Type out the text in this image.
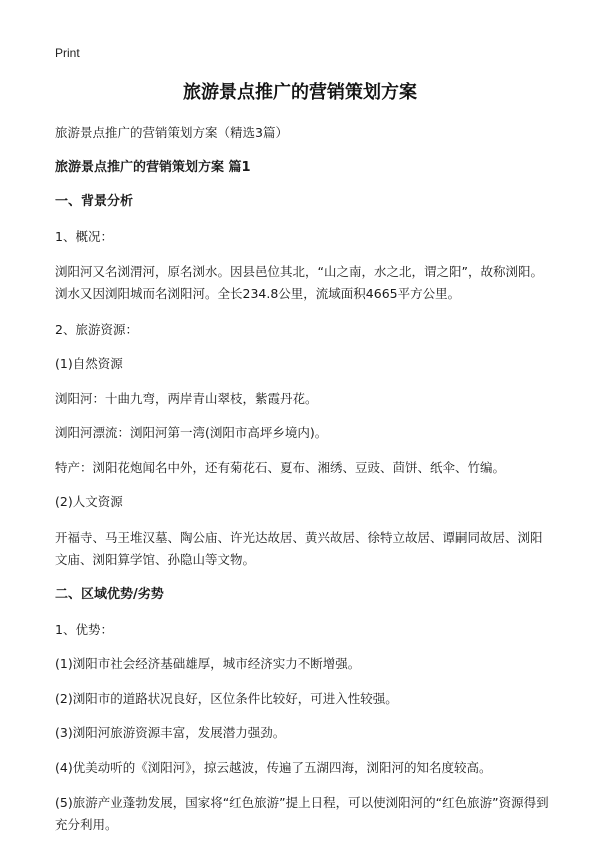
Print
旅游景点推广的营销策划方案
旅游景点推广的营销策划方案（精选3篇）
旅游景点推广的营销策划方案 篇1
一、背景分析
1、概况：
浏阳河又名浏渭河，原名浏水。因县邑位其北，“山之南，水之北，谓之阳”，故称浏阳。浏水又因浏阳城而名浏阳河。全长234.8公里，流域面积4665平方公里。
2、旅游资源：
(1)自然资源
浏阳河：十曲九弯，两岸青山翠枝，紫霞丹花。
浏阳河漂流：浏阳河第一湾(浏阳市高坪乡境内)。
特产：浏阳花炮闻名中外，还有菊花石、夏布、湘绣、豆豉、茴饼、纸伞、竹编。
(2)人文资源
开福寺、马王堆汉墓、陶公庙、许光达故居、黄兴故居、徐特立故居、谭嗣同故居、浏阳文庙、浏阳算学馆、孙隐山等文物。
二、区域优势/劣势
1、优势：
(1)浏阳市社会经济基础雄厚，城市经济实力不断增强。
(2)浏阳市的道路状况良好，区位条件比较好，可进入性较强。
(3)浏阳河旅游资源丰富，发展潜力强劲。
(4)优美动听的《浏阳河》，掠云越波，传遍了五湖四海，浏阳河的知名度较高。
(5)旅游产业蓬勃发展，国家将“红色旅游”提上日程，可以使浏阳河的“红色旅游”资源得到充分利用。
